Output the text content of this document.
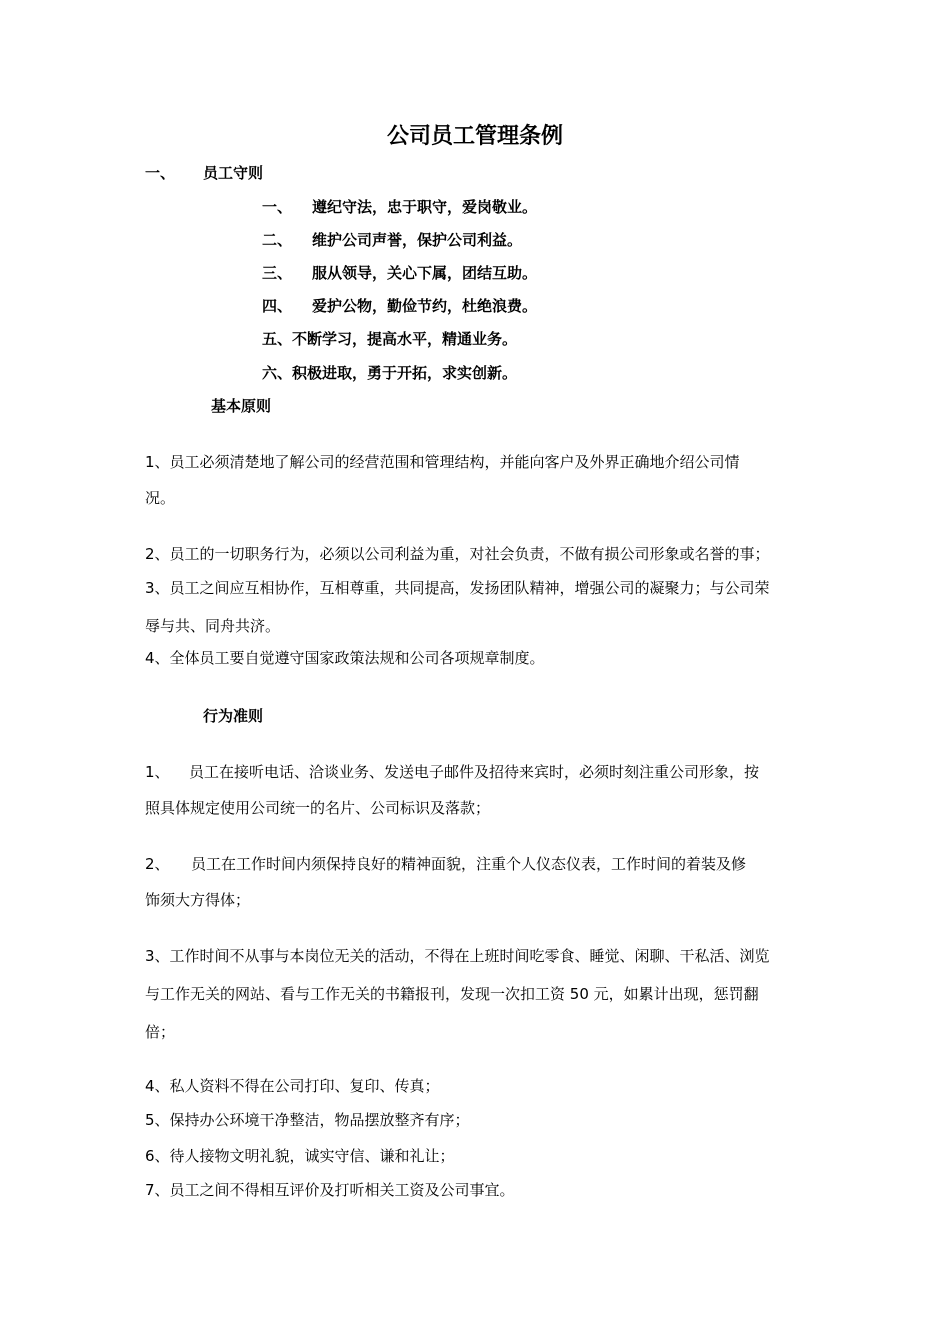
公司员工管理条例
一、 员工守则
一、 遵纪守法，忠于职守，爱岗敬业。
二、 维护公司声誉，保护公司利益。
三、 服从领导，关心下属，团结互助。
四、 爱护公物，勤俭节约，杜绝浪费。
五、不断学习，提高水平，精通业务。
六、积极进取，勇于开拓，求实创新。
基本原则
1、员工必须清楚地了解公司的经营范围和管理结构，并能向客户及外界正确地介绍公司情
况。
2、员工的一切职务行为，必须以公司利益为重，对社会负责，不做有损公司形象或名誉的事；
3、员工之间应互相协作，互相尊重，共同提高，发扬团队精神，增强公司的凝聚力；与公司荣
辱与共、同舟共济。
4、全体员工要自觉遵守国家政策法规和公司各项规章制度。
行为准则
1、 员工在接听电话、洽谈业务、发送电子邮件及招待来宾时，必须时刻注重公司形象，按
照具体规定使用公司统一的名片、公司标识及落款；
2、 员工在工作时间内须保持良好的精神面貌，注重个人仪态仪表，工作时间的着装及修
饰须大方得体；
3、工作时间不从事与本岗位无关的活动，不得在上班时间吃零食、睡觉、闲聊、干私活、浏览
与工作无关的网站、看与工作无关的书籍报刊，发现一次扣工资 50 元，如累计出现，惩罚翻
倍；
4、私人资料不得在公司打印、复印、传真；
5、保持办公环境干净整洁，物品摆放整齐有序；
6、待人接物文明礼貌，诚实守信、谦和礼让；
7、员工之间不得相互评价及打听相关工资及公司事宜。
